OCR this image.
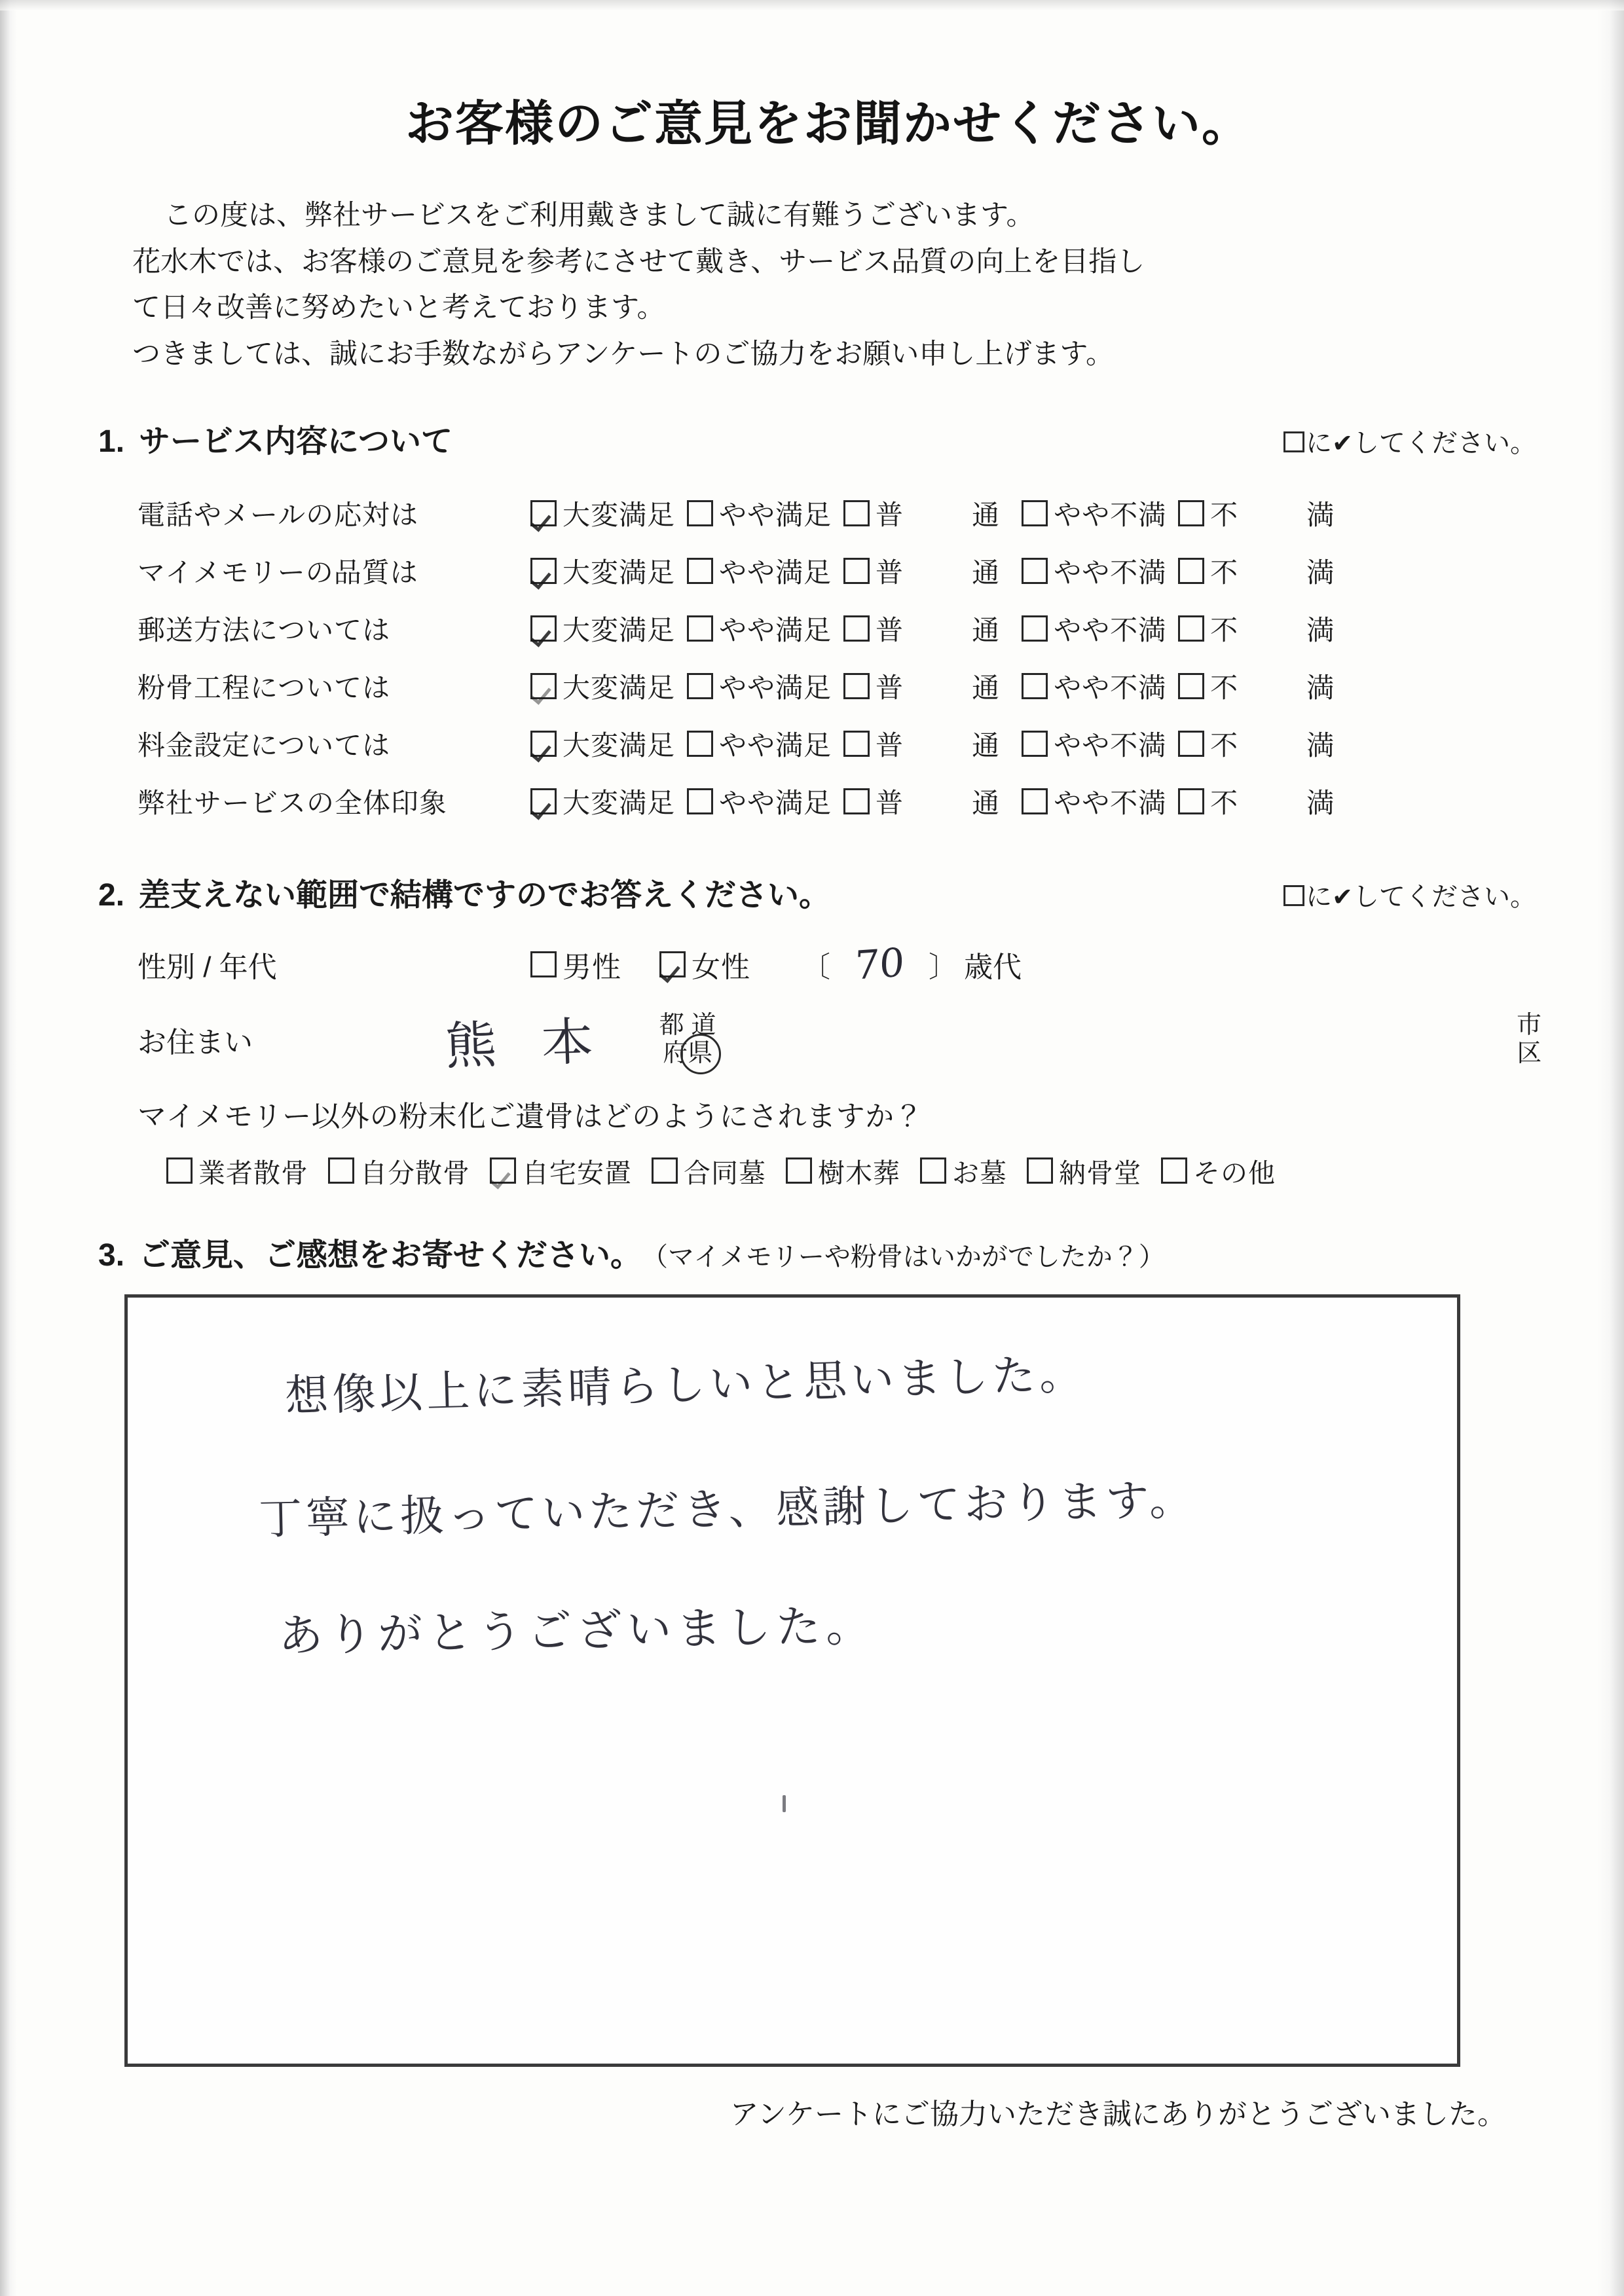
お客様のご意見をお聞かせください。

この度は、弊社サービスをご利用戴きまして誠に有難うございます。

花水木では、お客様のご意見を参考にさせて戴き、サービス品質の向上を目指し

て日々改善に努めたいと考えております。

つきましては、誠にお手数ながらアンケートのご協力をお願い申し上げます。

1. サービス内容について	に✔してください。
電話やメールの応対は	大変満足 やや満足 普 通 やや不満 不 満
マイメモリーの品質は	大変満足 やや満足 普 通 やや不満 不 満
郵送方法については	大変満足 やや満足 普 通 やや不満 不 満
粉骨工程については	大変満足 やや満足 普 通 やや不満 不 満
料金設定については	大変満足 やや満足 普 通 やや不満 不 満
弊社サービスの全体印象	大変満足 やや満足 普 通 やや不満 不 満
2. 差支えない範囲で結構ですのでお答えください。	に✔してください。
性別 / 年代	男性 女性 〔 70 〕 歳代
お住まい	熊 本 都 道
府県
市
区
マイメモリー以外の粉末化ご遺骨はどのようにされますか？
業者散骨 自分散骨 自宅安置 合同墓 樹木葬 お墓 納骨堂 その他
3. ご意見、ご感想をお寄せください。 （マイメモリーや粉骨はいかがでしたか？）
想像以上に素晴らしいと思いました。
丁寧に扱っていただき、感謝しております。
ありがとうございました。
アンケートにご協力いただき誠にありがとうございました。
